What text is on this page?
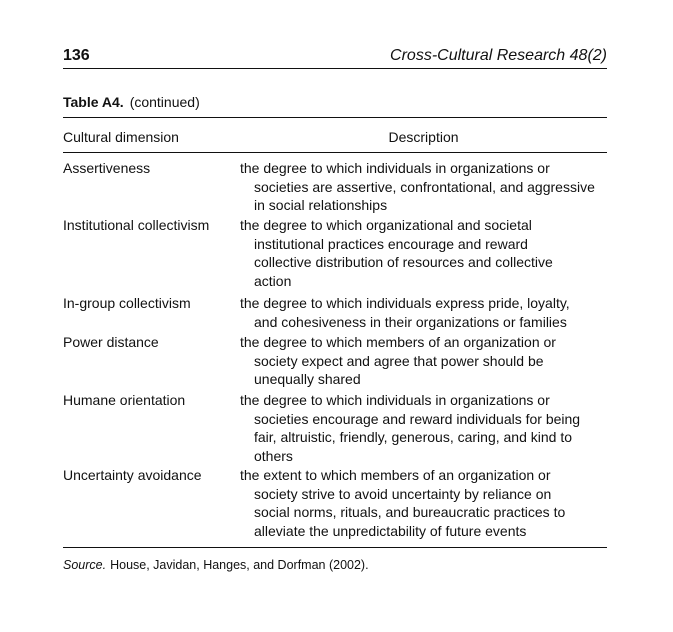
136	Cross-Cultural Research 48(2)
Table A4. (continued)
Cultural dimension	Description
Assertiveness	the degree to which individuals in organizations or
societies are assertive, confrontational, and aggressive
in social relationships
Institutional collectivism	the degree to which organizational and societal
institutional practices encourage and reward
collective distribution of resources and collective
action
In-group collectivism	the degree to which individuals express pride, loyalty,
and cohesiveness in their organizations or families
Power distance	the degree to which members of an organization or
society expect and agree that power should be
unequally shared
Humane orientation	the degree to which individuals in organizations or
societies encourage and reward individuals for being
fair, altruistic, friendly, generous, caring, and kind to
others
Uncertainty avoidance	the extent to which members of an organization or
society strive to avoid uncertainty by reliance on
social norms, rituals, and bureaucratic practices to
alleviate the unpredictability of future events
Source. House, Javidan, Hanges, and Dorfman (2002).
